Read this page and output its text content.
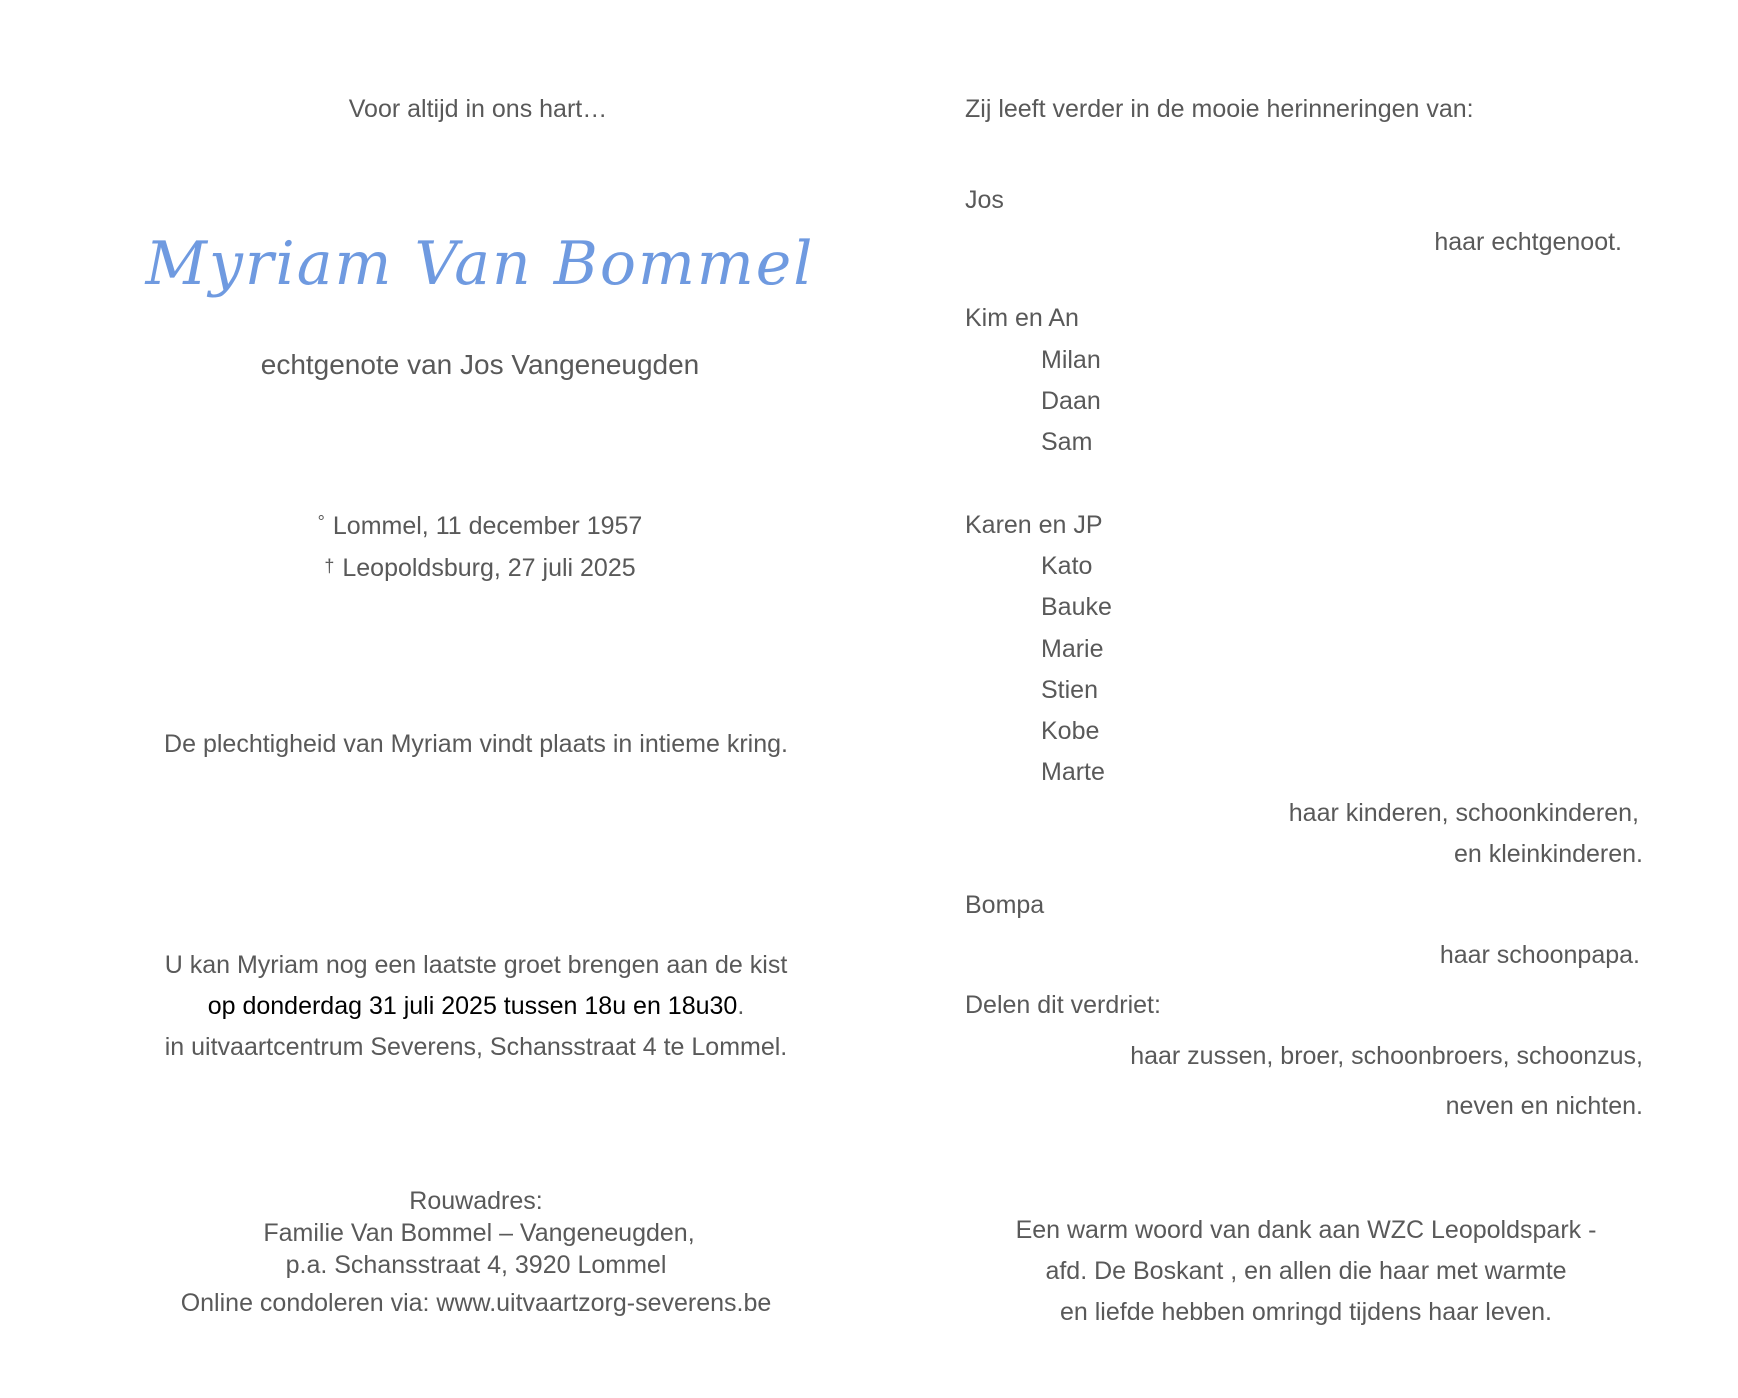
Voor altijd in ons hart…
Myriam Van Bommel
echtgenote van Jos Vangeneugden
° Lommel, 11 december 1957
† Leopoldsburg, 27 juli 2025
De plechtigheid van Myriam vindt plaats in intieme kring.
U kan Myriam nog een laatste groet brengen aan de kist
op donderdag 31 juli 2025 tussen 18u en 18u30.
in uitvaartcentrum Severens, Schansstraat 4 te Lommel.
Rouwadres:
Familie Van Bommel – Vangeneugden,
p.a. Schansstraat 4, 3920 Lommel
Online condoleren via: www.uitvaartzorg-severens.be
Zij leeft verder in de mooie herinneringen van:
Jos
haar echtgenoot.
Kim en An
Milan
Daan
Sam
Karen en JP
Kato
Bauke
Marie
Stien
Kobe
Marte
haar kinderen, schoonkinderen,
en kleinkinderen.
Bompa
haar schoonpapa.
Delen dit verdriet:
haar zussen, broer, schoonbroers, schoonzus,
neven en nichten.
Een warm woord van dank aan WZC Leopoldspark -
afd. De Boskant , en allen die haar met warmte
en liefde hebben omringd tijdens haar leven.
